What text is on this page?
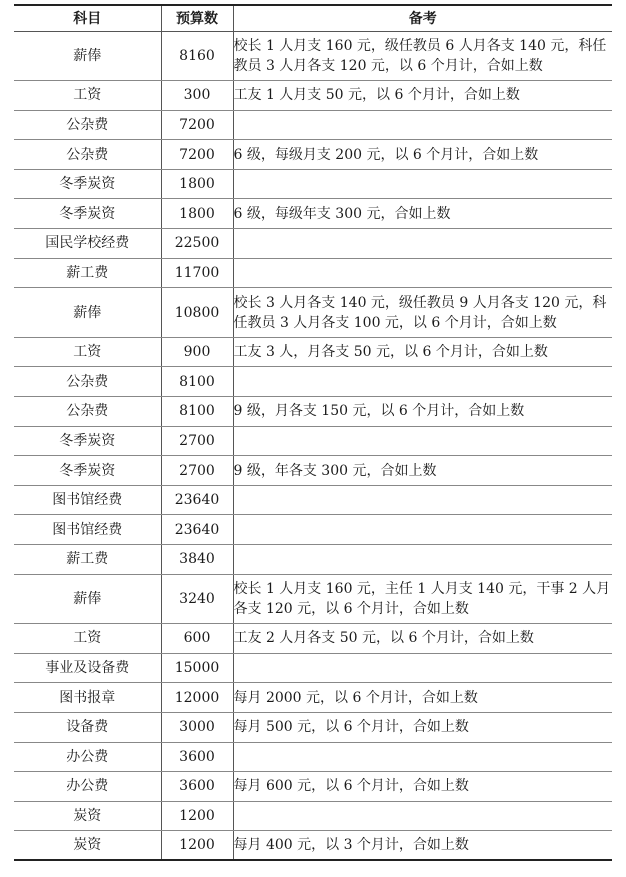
科目	预算数	备考
薪俸	8160	校长 1 人月支 160 元，级任教员 6 人月各支 140 元，科任教员 3 人月各支 120 元，以 6 个月计，合如上数
工资	300	工友 1 人月支 50 元，以 6 个月计，合如上数
公杂费	7200	
公杂费	7200	6 级，每级月支 200 元，以 6 个月计，合如上数
冬季炭资	1800	
冬季炭资	1800	6 级，每级年支 300 元，合如上数
国民学校经费	22500	
薪工费	11700	
薪俸	10800	校长 3 人月各支 140 元，级任教员 9 人月各支 120 元，科任教员 3 人月各支 100 元，以 6 个月计，合如上数
工资	900	工友 3 人，月各支 50 元，以 6 个月计，合如上数
公杂费	8100	
公杂费	8100	9 级，月各支 150 元，以 6 个月计，合如上数
冬季炭资	2700	
冬季炭资	2700	9 级，年各支 300 元，合如上数
图书馆经费	23640	
图书馆经费	23640	
薪工费	3840	
薪俸	3240	校长 1 人月支 160 元，主任 1 人月支 140 元，干事 2 人月各支 120 元，以 6 个月计，合如上数
工资	600	工友 2 人月各支 50 元，以 6 个月计，合如上数
事业及设备费	15000	
图书报章	12000	每月 2000 元，以 6 个月计，合如上数
设备费	3000	每月 500 元，以 6 个月计，合如上数
办公费	3600	
办公费	3600	每月 600 元，以 6 个月计，合如上数
炭资	1200	
炭资	1200	每月 400 元，以 3 个月计，合如上数
